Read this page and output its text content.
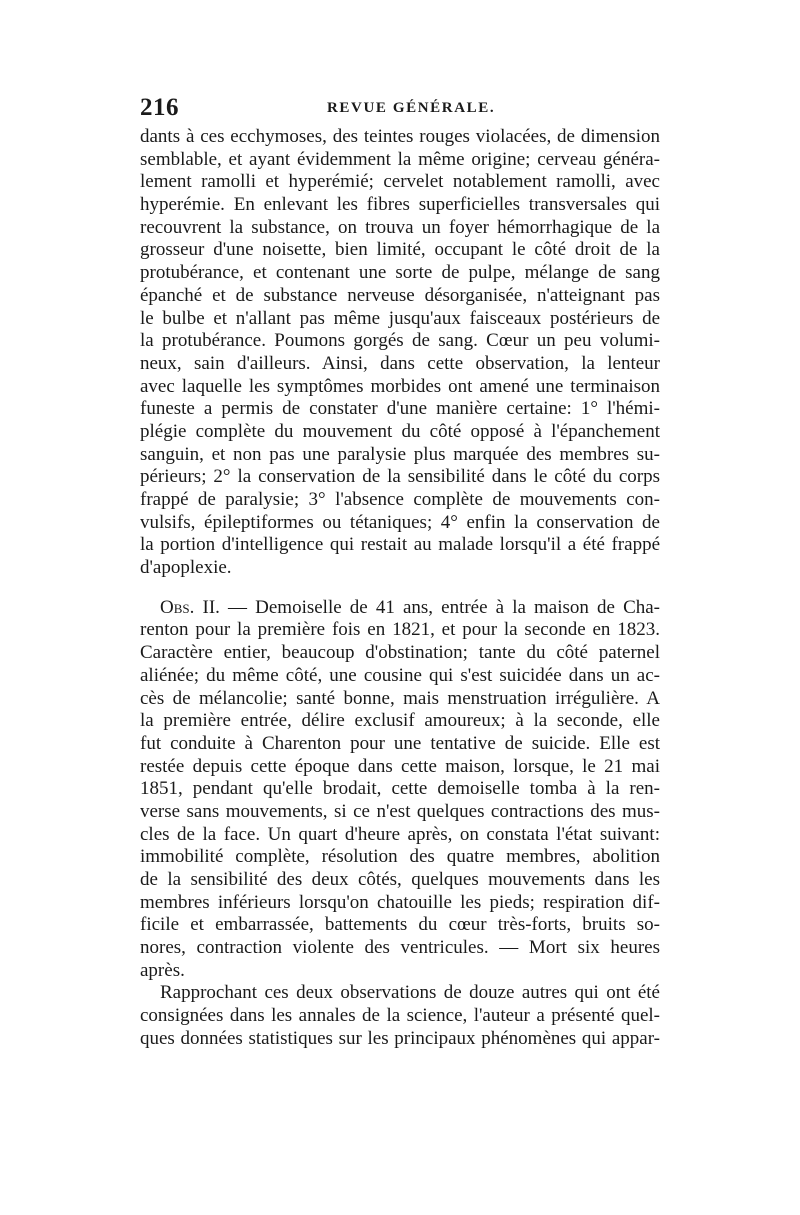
216	REVUE GÉNÉRALE.
dants à ces ecchymoses, des teintes rouges violacées, de dimension
semblable, et ayant évidemment la même origine; cerveau généra-
lement ramolli et hyperémié; cervelet notablement ramolli, avec
hyperémie. En enlevant les fibres superficielles transversales qui
recouvrent la substance, on trouva un foyer hémorrhagique de la
grosseur d'une noisette, bien limité, occupant le côté droit de la
protubérance, et contenant une sorte de pulpe, mélange de sang
épanché et de substance nerveuse désorganisée, n'atteignant pas
le bulbe et n'allant pas même jusqu'aux faisceaux postérieurs de
la protubérance. Poumons gorgés de sang. Cœur un peu volumi-
neux, sain d'ailleurs. Ainsi, dans cette observation, la lenteur
avec laquelle les symptômes morbides ont amené une terminaison
funeste a permis de constater d'une manière certaine: 1° l'hémi-
plégie complète du mouvement du côté opposé à l'épanchement
sanguin, et non pas une paralysie plus marquée des membres su-
périeurs; 2° la conservation de la sensibilité dans le côté du corps
frappé de paralysie; 3° l'absence complète de mouvements con-
vulsifs, épileptiformes ou tétaniques; 4° enfin la conservation de
la portion d'intelligence qui restait au malade lorsqu'il a été frappé
d'apoplexie.
Obs. II. — Demoiselle de 41 ans, entrée à la maison de Cha-
renton pour la première fois en 1821, et pour la seconde en 1823.
Caractère entier, beaucoup d'obstination; tante du côté paternel
aliénée; du même côté, une cousine qui s'est suicidée dans un ac-
cès de mélancolie; santé bonne, mais menstruation irrégulière. A
la première entrée, délire exclusif amoureux; à la seconde, elle
fut conduite à Charenton pour une tentative de suicide. Elle est
restée depuis cette époque dans cette maison, lorsque, le 21 mai
1851, pendant qu'elle brodait, cette demoiselle tomba à la ren-
verse sans mouvements, si ce n'est quelques contractions des mus-
cles de la face. Un quart d'heure après, on constata l'état suivant:
immobilité complète, résolution des quatre membres, abolition
de la sensibilité des deux côtés, quelques mouvements dans les
membres inférieurs lorsqu'on chatouille les pieds; respiration dif-
ficile et embarrassée, battements du cœur très-forts, bruits so-
nores, contraction violente des ventricules. — Mort six heures
après.
Rapprochant ces deux observations de douze autres qui ont été
consignées dans les annales de la science, l'auteur a présenté quel-
ques données statistiques sur les principaux phénomènes qui appar-
